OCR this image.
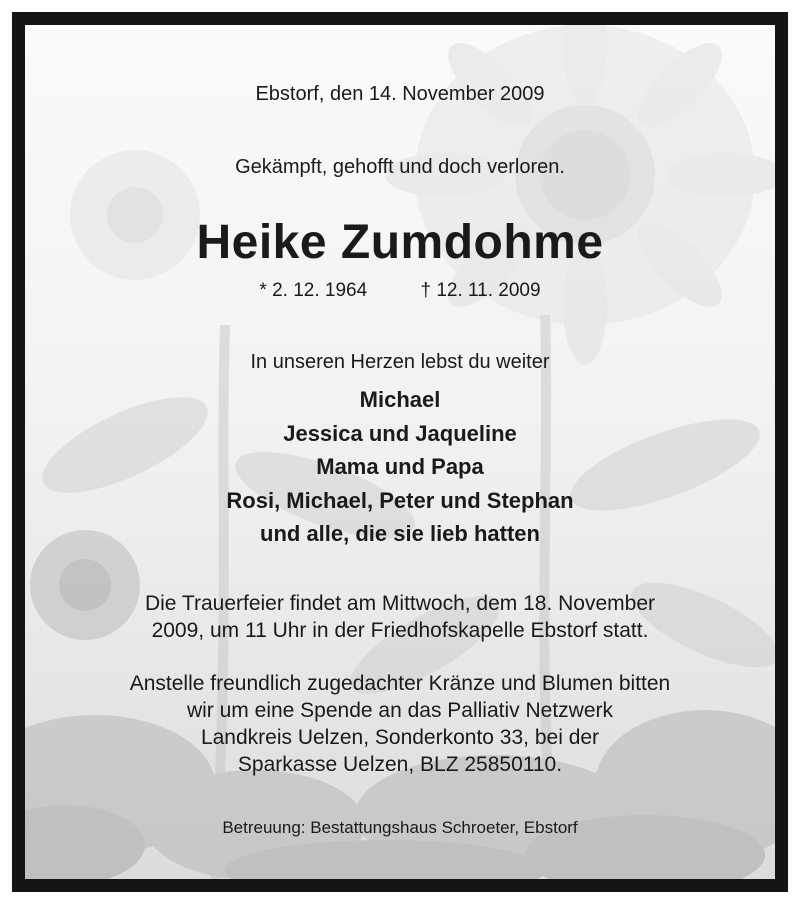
Ebstorf, den 14. November 2009
Gekämpft, gehofft und doch verloren.
Heike Zumdohme
* 2. 12. 1964	† 12. 11. 2009
In unseren Herzen lebst du weiter
Michael
Jessica und Jaqueline
Mama und Papa
Rosi, Michael, Peter und Stephan
und alle, die sie lieb hatten

Die Trauerfeier findet am Mittwoch, dem 18. November
2009, um 11 Uhr in der Friedhofskapelle Ebstorf statt.

Anstelle freundlich zugedachter Kränze und Blumen bitten
wir um eine Spende an das Palliativ Netzwerk
Landkreis Uelzen, Sonderkonto 33, bei der
Sparkasse Uelzen, BLZ 25850110.

Betreuung: Bestattungshaus Schroeter, Ebstorf
